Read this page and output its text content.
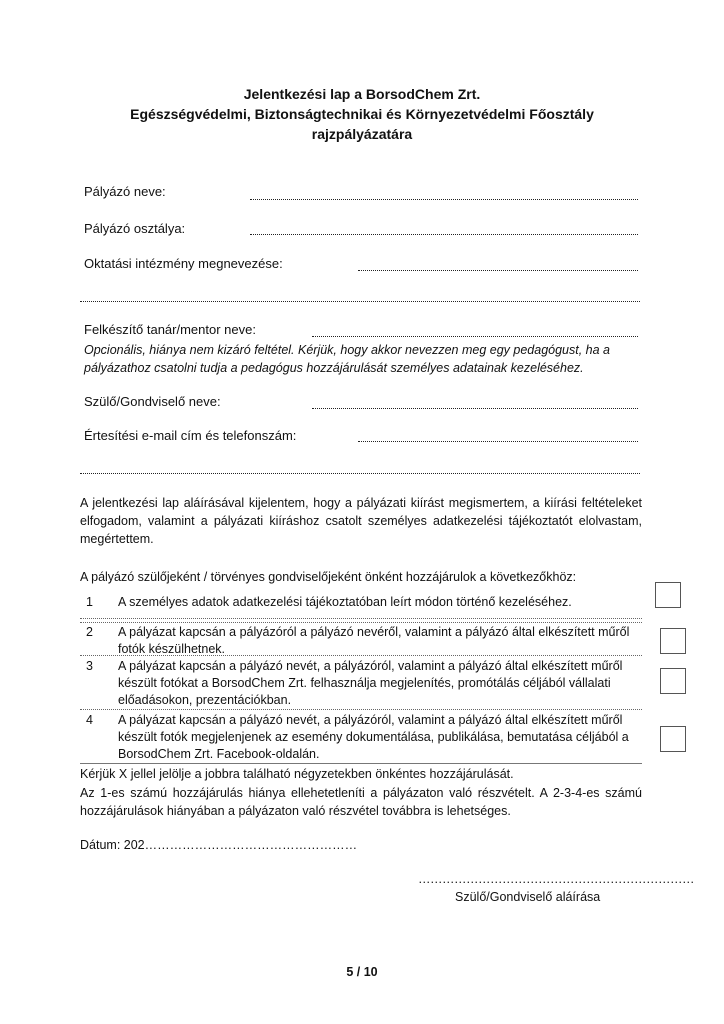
Jelentkezési lap a BorsodChem Zrt.
Egészségvédelmi, Biztonságtechnikai és Környezetvédelmi Főosztály
rajzpályázatára
Pályázó neve:
Pályázó osztálya:
Oktatási intézmény megnevezése:
Felkészítő tanár/mentor neve:
Opcionális, hiánya nem kizáró feltétel. Kérjük, hogy akkor nevezzen meg egy pedagógust, ha a pályázathoz csatolni tudja a pedagógus hozzájárulását személyes adatainak kezeléséhez.
Szülő/Gondviselő neve:
Értesítési e-mail cím és telefonszám:
A jelentkezési lap aláírásával kijelentem, hogy a pályázati kiírást megismertem, a kiírási feltételeket elfogadom, valamint a pályázati kiíráshoz csatolt személyes adatkezelési tájékoztatót elolvastam, megértettem.
A pályázó szülőjeként / törvényes gondviselőjeként önként hozzájárulok a következőkhöz:
1 A személyes adatok adatkezelési tájékoztatóban leírt módon történő kezeléséhez.
2 A pályázat kapcsán a pályázóról a pályázó nevéről, valamint a pályázó által elkészített műről fotók készülhetnek.
3 A pályázat kapcsán a pályázó nevét, a pályázóról, valamint a pályázó által elkészített műről készült fotókat a BorsodChem Zrt. felhasználja megjelenítés, promótálás céljából vállalati előadásokon, prezentációkban.
4 A pályázat kapcsán a pályázó nevét, a pályázóról, valamint a pályázó által elkészített műről készült fotók megjelenjenek az esemény dokumentálása, publikálása, bemutatása céljából a BorsodChem Zrt. Facebook-oldalán.
Kérjük X jellel jelölje a jobbra található négyzetekben önkéntes hozzájárulását.
Az 1-es számú hozzájárulás hiánya ellehetetleníti a pályázaton való részvételt. A 2-3-4-es számú hozzájárulások hiányában a pályázaton való részvétel továbbra is lehetséges.
Dátum: 202……………………………………………
……………………………………………………………
Szülő/Gondviselő aláírása
5 / 10
